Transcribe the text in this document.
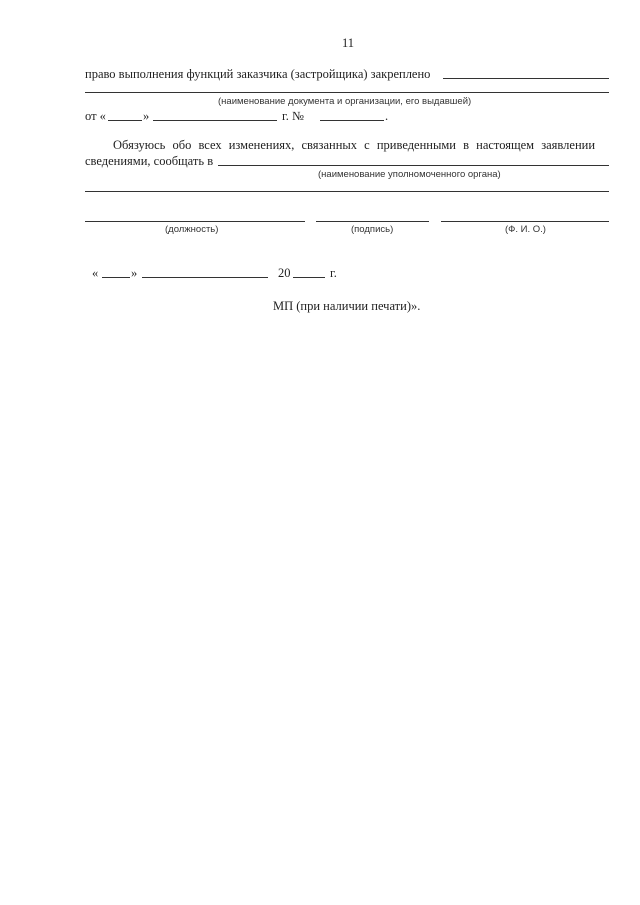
11
право выполнения функций заказчика (застройщика) закреплено
(наименование документа и организации, его выдавшей)
от «	»	г. №	.
Обязуюсь обо всех изменениях, связанных с приведенными в настоящем заявлении
сведениями, сообщать в
(наименование уполномоченного органа)
(должность)	(подпись)	(Ф. И. О.)
«	»	20	г.
МП (при наличии печати)».
